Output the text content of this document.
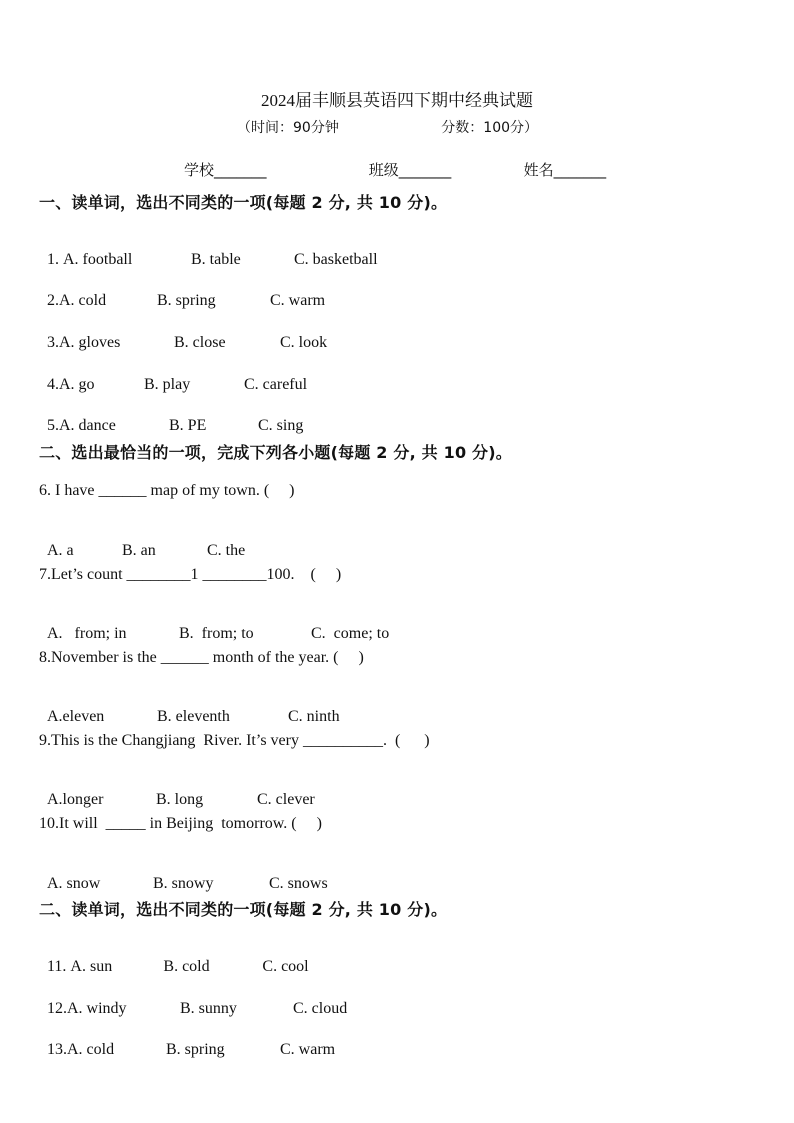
2024届丰顺县英语四下期中经典试题
（时间：90分钟	分数：100分）
学校_______	班级_______	姓名_______
一、读单词，选出不同类的一项(每题 2 分, 共 10 分)。

1. A. football	B. table	C. basketball

2.A. cold	B. spring	C. warm

3.A. gloves	B. close	C. look

4.A. go	B. play	C. careful

5.A. dance	B. PE	C. sing

二、选出最恰当的一项，完成下列各小题(每题 2 分, 共 10 分)。
6. I have ______ map of my town. (     )

A. a	B. an	C. the

7.Let’s count ________1 ________100.    (     )

A.   from; in	B.  from; to	C.  come; to

8.November is the ______ month of the year. (     )

A.eleven	B. eleventh	C. ninth

9.This is the Changjiang  River. It’s very __________.  (      )

A.longer	B. long	C. clever

10.It will  _____ in Beijing  tomorrow. (     )

A. snow	B. snowy	C. snows

二、读单词，选出不同类的一项(每题 2 分, 共 10 分)。

11. A. sun	B. cold	C. cool

12.A. windy	B. sunny	C. cloud

13.A. cold	B. spring	C. warm
